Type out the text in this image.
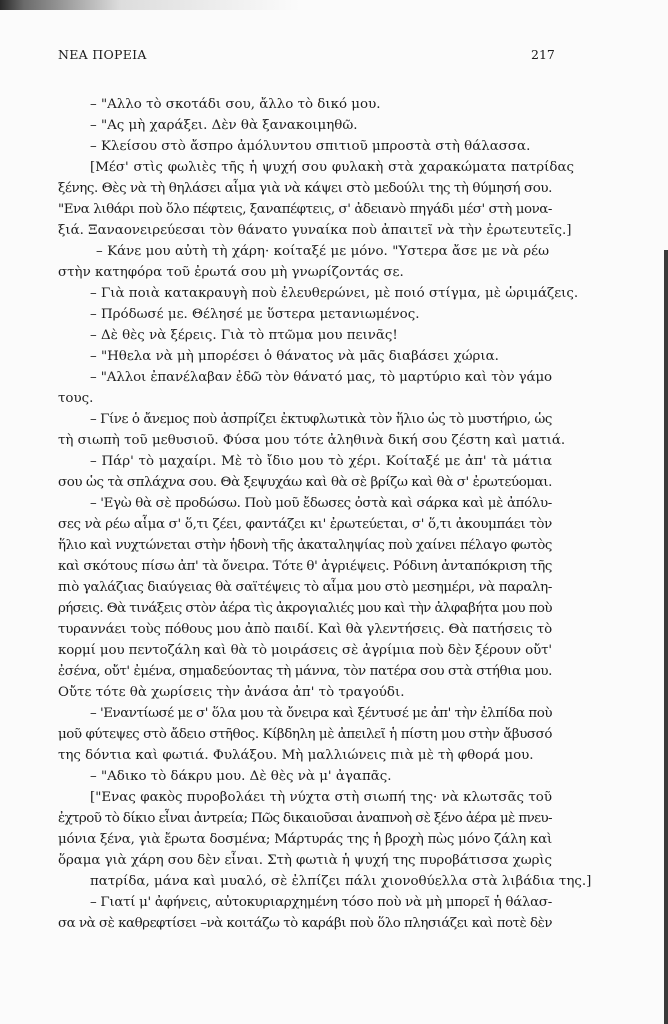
ΝΕΑ ΠΟΡΕΙΑ	217
– "Αλλο τὸ σκοτάδι σου, ἄλλο τὸ δικό μου.
– "Ας μὴ χαράξει. Δὲν θὰ ξανακοιμηθῶ.
– Κλείσου στὸ ἄσπρο ἀμόλυντου σπιτιοῦ μπροστὰ στὴ θάλασσα.
[Μέσ' στὶς φωλιὲς τῆς ἡ ψυχή σου φυλακὴ στὰ χαρακώματα πατρίδας
ξένης. Θὲς νὰ τὴ θηλάσει αἷμα γιὰ νὰ κάψει στὸ μεδούλι της τὴ θύμησή σου.
"Ενα λιθάρι ποὺ ὅλο πέφτεις, ξαναπέφτεις, σ' ἀδειανὸ πηγάδι μέσ' στὴ μονα-
ξιά. Ξαναονειρεύεσαι τὸν θάνατο γυναίκα ποὺ ἀπαιτεῖ νὰ τὴν ἐρωτευτεῖς.]
– Κάνε μου αὐτὴ τὴ χάρη· κοίταξέ με μόνο. "Υστερα ἄσε με νὰ ρέω
στὴν κατηφόρα τοῦ ἐρωτά σου μὴ γνωρίζοντάς σε.
– Γιὰ ποιὰ κατακραυγὴ ποὺ ἐλευθερώνει, μὲ ποιό στίγμα, μὲ ὡριμάζεις.
– Πρόδωσέ με. Θέλησέ με ὕστερα μετανιωμένος.
– Δὲ θὲς νὰ ξέρεις. Γιὰ τὸ πτῶμα μου πεινᾶς!
– "Ηθελα νὰ μὴ μπορέσει ὁ θάνατος νὰ μᾶς διαβάσει χώρια.
– "Αλλοι ἐπανέλαβαν ἐδῶ τὸν θάνατό μας, τὸ μαρτύριο καὶ τὸν γάμο
τους.
– Γίνε ὁ ἄνεμος ποὺ ἀσπρίζει ἐκτυφλωτικὰ τὸν ἥλιο ὡς τὸ μυστήριο, ὡς
τὴ σιωπὴ τοῦ μεθυσιοῦ. Φύσα μου τότε ἀληθινὰ δική σου ζέστη καὶ ματιά.
– Πάρ' τὸ μαχαίρι. Μὲ τὸ ἴδιο μου τὸ χέρι. Κοίταξέ με ἀπ' τὰ μάτια
σου ὡς τὰ σπλάχνα σου. Θὰ ξεψυχάω καὶ θὰ σὲ βρίζω καὶ θὰ σ' ἐρωτεύομαι.
– 'Εγὼ θὰ σὲ προδώσω. Ποὺ μοῦ ἔδωσες ὀστὰ καὶ σάρκα καὶ μὲ ἀπόλυ-
σες νὰ ρέω αἷμα σ' ὅ,τι ζέει, φαντάζει κι' ἐρωτεύεται, σ' ὅ,τι ἀκουμπάει τὸν
ἥλιο καὶ νυχτώνεται στὴν ἡδονὴ τῆς ἀκαταληψίας ποὺ χαίνει πέλαγο φωτὸς
καὶ σκότους πίσω ἀπ' τὰ ὄνειρα. Τότε θ' ἀγριέψεις. Ρόδινη ἀνταπόκριση τῆς
πιὸ γαλάζιας διαύγειας θὰ σαϊτέψεις τὸ αἷμα μου στὸ μεσημέρι, νὰ παραλη-
ρήσεις. Θὰ τινάξεις στὸν ἀέρα τὶς ἀκρογιαλιές μου καὶ τὴν ἀλφαβήτα μου ποὺ
τυραννάει τοὺς πόθους μου ἀπὸ παιδί. Καὶ θὰ γλεντήσεις. Θὰ πατήσεις τὸ
κορμί μου πεντοζάλη καὶ θὰ τὸ μοιράσεις σὲ ἀγρίμια ποὺ δὲν ξέρουν οὔτ'
ἐσένα, οὔτ' ἐμένα, σημαδεύοντας τὴ μάννα, τὸν πατέρα σου στὰ στήθια μου.
Οὔτε τότε θὰ χωρίσεις τὴν ἀνάσα ἀπ' τὸ τραγούδι.
– 'Εναντίωσέ με σ' ὅλα μου τὰ ὄνειρα καὶ ξέντυσέ με ἀπ' τὴν ἐλπίδα ποὺ
μοῦ φύτεψες στὸ ἄδειο στῆθος. Κίβδηλη μὲ ἀπειλεῖ ἡ πίστη μου στὴν ἄβυσσό
της δόντια καὶ φωτιά. Φυλάξου. Μὴ μαλλιώνεις πιὰ μὲ τὴ φθορά μου.
– "Αδικο τὸ δάκρυ μου. Δὲ θὲς νὰ μ' ἀγαπᾶς.
["Ενας φακὸς πυροβολάει τὴ νύχτα στὴ σιωπή της· νὰ κλωτσᾶς τοῦ
ἐχτροῦ τὸ δίκιο εἶναι ἀντρεία; Πῶς δικαιοῦσαι ἀναπνοὴ σὲ ξένο ἀέρα μὲ πνευ-
μόνια ξένα, γιὰ ἔρωτα δοσμένα; Μάρτυράς της ἡ βροχὴ πὼς μόνο ζάλη καὶ
ὅραμα γιὰ χάρη σου δὲν εἶναι. Στὴ φωτιὰ ἡ ψυχή της πυροβάτισσα χωρὶς
πατρίδα, μάνα καὶ μυαλό, σὲ ἐλπίζει πάλι χιονοθύελλα στὰ λιβάδια της.]
– Γιατί μ' ἀφήνεις, αὐτοκυριαρχημένη τόσο ποὺ νὰ μὴ μπορεῖ ἡ θάλασ-
σα νὰ σὲ καθρεφτίσει –νὰ κοιτάζω τὸ καράβι ποὺ ὅλο πλησιάζει καὶ ποτὲ δὲν
